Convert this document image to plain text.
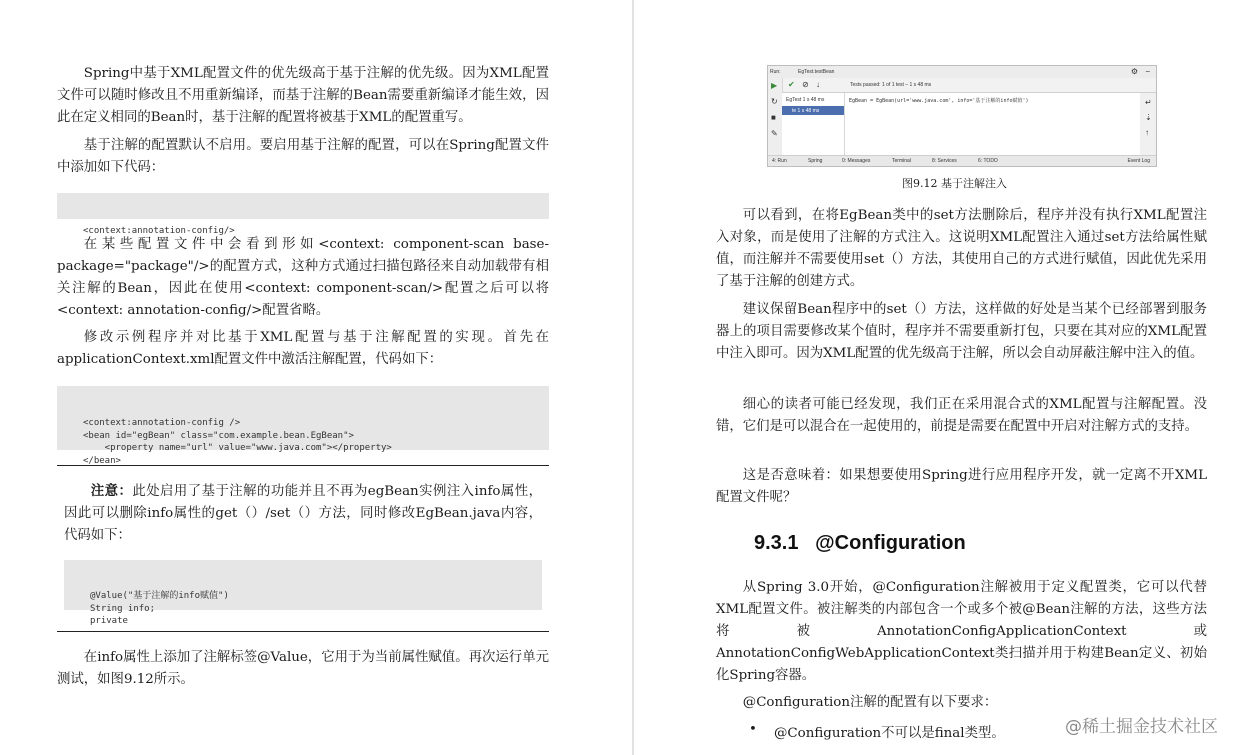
Spring中基于XML配置文件的优先级高于基于注解的优先级。因为XML配置文件可以随时修改且不用重新编译，而基于注解的Bean需要重新编译才能生效，因此在定义相同的Bean时，基于注解的配置将被基于XML的配置重写。

基于注解的配置默认不启用。要启用基于注解的配置，可以在Spring配置文件中添加如下代码：

<context:annotation-config/>

在某些配置文件中会看到形如<context: component-scan base-package="package"/>的配置方式，这种方式通过扫描包路径来自动加载带有相关注解的Bean，因此在使用<context: component-scan/>配置之后可以将<context: annotation-config/>配置省略。

修改示例程序并对比基于XML配置与基于注解配置的实现。首先在applicationContext.xml配置文件中激活注解配置，代码如下：

<context:annotation-config />
<bean id="egBean" class="com.example.bean.EgBean">
<property name="url" value="www.java.com"></property>
</bean>

注意：此处启用了基于注解的功能并且不再为egBean实例注入info属性，因此可以删除info属性的get（）/set（）方法，同时修改EgBean.java内容，代码如下：

@Value("基于注解的info赋值")
String info;
private

在info属性上添加了注解标签@Value，它用于为当前属性赋值。再次运行单元测试，如图9.12所示。

Run:	EgTest.testBean	⚙ −
✔ ⊘ ↓	Tests passed: 1 of 1 test – 1 s 48 ms
▶
↻
■
✎
EgTest 1 s 48 ms
te 1 s 48 ms
EgBean = EgBean(url='www.java.com', info='基于注解的info赋值')	↵
⇣
↑
4: Run	Spring	0: Messages	Terminal	8: Services	6: TODO	Event Log
图9.12 基于注解注入

可以看到，在将EgBean类中的set方法删除后，程序并没有执行XML配置注入对象，而是使用了注解的方式注入。这说明XML配置注入通过set方法给属性赋值，而注解并不需要使用set（）方法，其使用自己的方式进行赋值，因此优先采用了基于注解的创建方式。

建议保留Bean程序中的set（）方法，这样做的好处是当某个已经部署到服务器上的项目需要修改某个值时，程序并不需要重新打包，只要在其对应的XML配置中注入即可。因为XML配置的优先级高于注解，所以会自动屏蔽注解中注入的值。

细心的读者可能已经发现，我们正在采用混合式的XML配置与注解配置。没错，它们是可以混合在一起使用的，前提是需要在配置中开启对注解方式的支持。

这是否意味着：如果想要使用Spring进行应用程序开发，就一定离不开XML配置文件呢？

9.3.1   @Configuration

从Spring 3.0开始，@Configuration注解被用于定义配置类，它可以代替XML配置文件。被注解类的内部包含一个或多个被@Bean注解的方法，这些方法将被AnnotationConfigApplicationContext或AnnotationConfigWebApplicationContext类扫描并用于构建Bean定义、初始化Spring容器。

@Configuration注解的配置有以下要求：

• @Configuration不可以是final类型。	@稀土掘金技术社区
